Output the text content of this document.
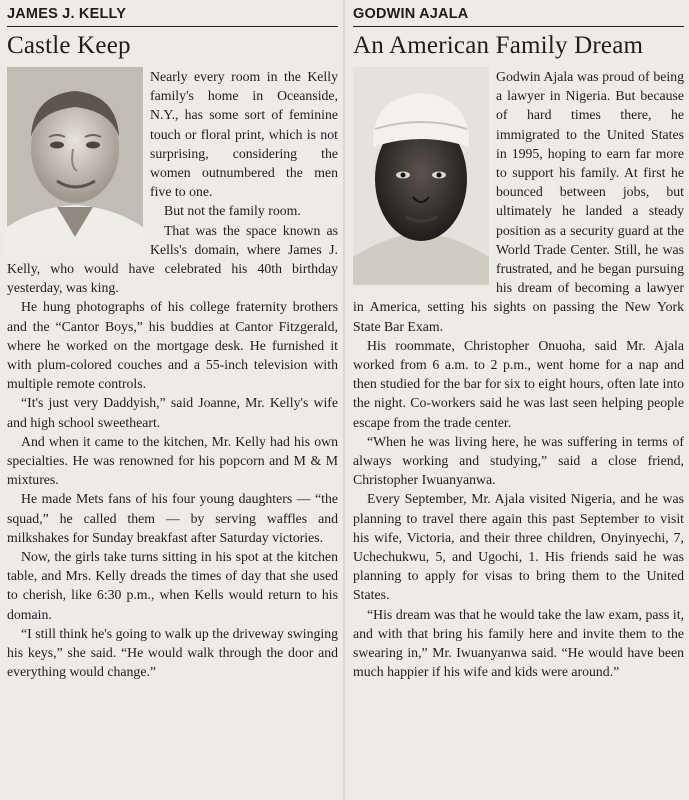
JAMES J. KELLY
Castle Keep

Nearly every room in the Kelly family's home in Oceanside, N.Y., has some sort of feminine touch or floral print, which is not surprising, considering the women outnumbered the men five to one.

But not the family room.

That was the space known as Kells's domain, where James J. Kelly, who would have celebrated his 40th birthday yesterday, was king.

He hung photographs of his college fraternity brothers and the “Cantor Boys,” his buddies at Cantor Fitzgerald, where he worked on the mortgage desk. He furnished it with plum-colored couches and a 55-inch television with multiple remote controls.

“It's just very Daddyish,” said Joanne, Mr. Kelly's wife and high school sweetheart.

And when it came to the kitchen, Mr. Kelly had his own specialties. He was renowned for his popcorn and M & M mixtures.

He made Mets fans of his four young daughters — “the squad,” he called them — by serving waffles and milkshakes for Sunday breakfast after Saturday victories.

Now, the girls take turns sitting in his spot at the kitchen table, and Mrs. Kelly dreads the times of day that she used to cherish, like 6:30 p.m., when Kells would return to his domain.

“I still think he's going to walk up the driveway swinging his keys,” she said. “He would walk through the door and everything would change.”

GODWIN AJALA
An American Family Dream

Godwin Ajala was proud of being a lawyer in Nigeria. But because of hard times there, he immigrated to the United States in 1995, hoping to earn far more to support his family. At first he bounced between jobs, but ultimately he landed a steady position as a security guard at the World Trade Center. Still, he was frustrated, and he began pursuing his dream of becoming a lawyer in America, setting his sights on passing the New York State Bar Exam.

His roommate, Christopher Onuoha, said Mr. Ajala worked from 6 a.m. to 2 p.m., went home for a nap and then studied for the bar for six to eight hours, often late into the night. Co-workers said he was last seen helping people escape from the trade center.

“When he was living here, he was suffering in terms of always working and studying,” said a close friend, Christopher Iwuanyanwa.

Every September, Mr. Ajala visited Nigeria, and he was planning to travel there again this past September to visit his wife, Victoria, and their three children, Onyinyechi, 7, Uchechukwu, 5, and Ugochi, 1. His friends said he was planning to apply for visas to bring them to the United States.

“His dream was that he would take the law exam, pass it, and with that bring his family here and invite them to the swearing in,” Mr. Iwuanyanwa said. “He would have been much happier if his wife and kids were around.”
